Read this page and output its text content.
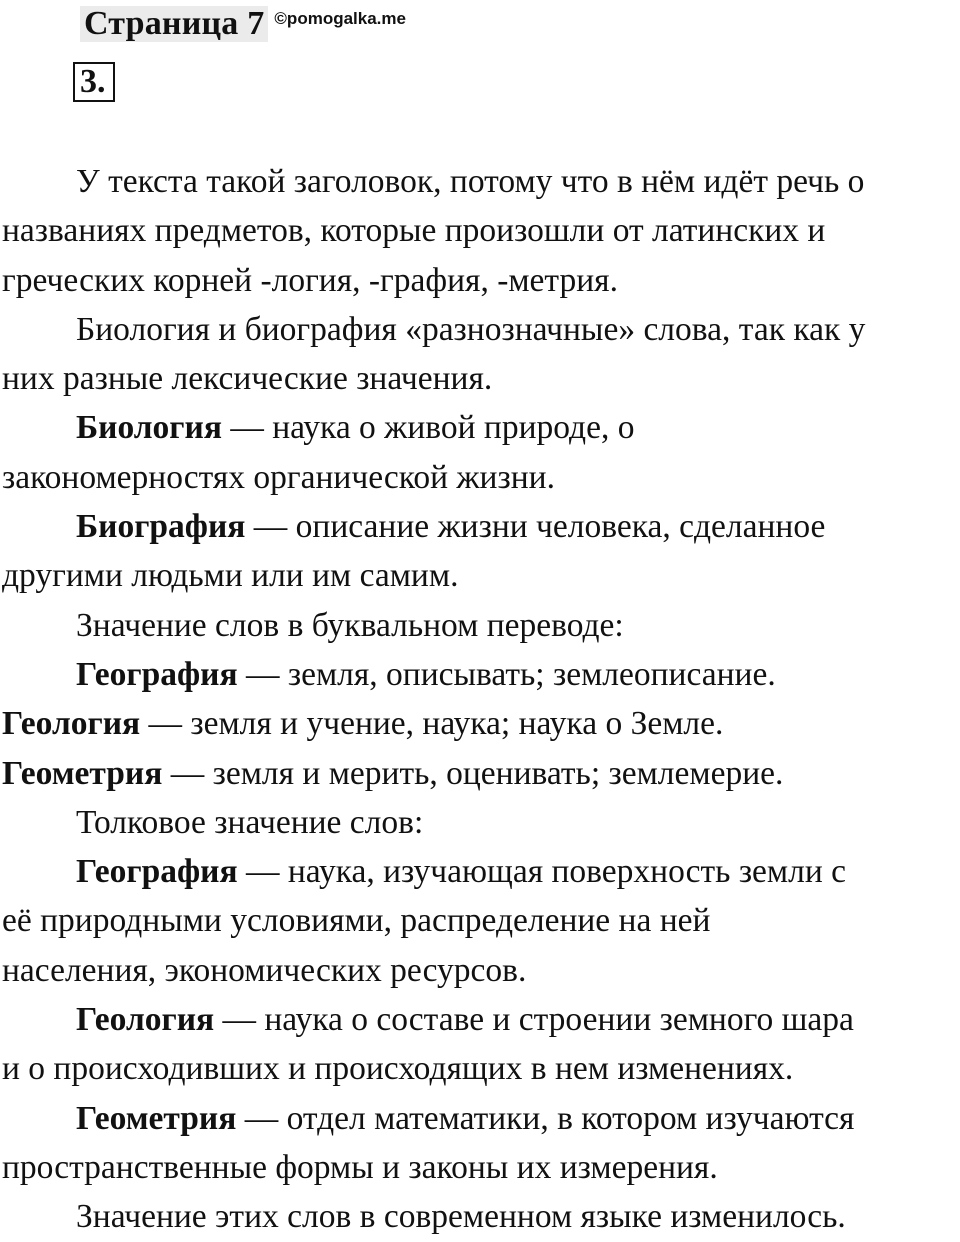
Страница 7 ©pomogalka.me
3.
У текста такой заголовок, потому что в нём идёт речь о
названиях предметов, которые произошли от латинских и
греческих корней -логия, -графия, -метрия.
Биология и биография «разнозначные» слова, так как у
них разные лексические значения.
Биология — наука о живой природе, о
закономерностях органической жизни.
Биография — описание жизни человека, сделанное
другими людьми или им самим.
Значение слов в буквальном переводе:
География — земля, описывать; землеописание.
Геология — земля и учение, наука; наука о Земле.
Геометрия — земля и мерить, оценивать; землемерие.
Толковое значение слов:
География — наука, изучающая поверхность земли с
её природными условиями, распределение на ней
населения, экономических ресурсов.
Геология — наука о составе и строении земного шара
и о происходивших и происходящих в нем изменениях.
Геометрия — отдел математики, в котором изучаются
пространственные формы и законы их измерения.
Значение этих слов в современном языке изменилось.
